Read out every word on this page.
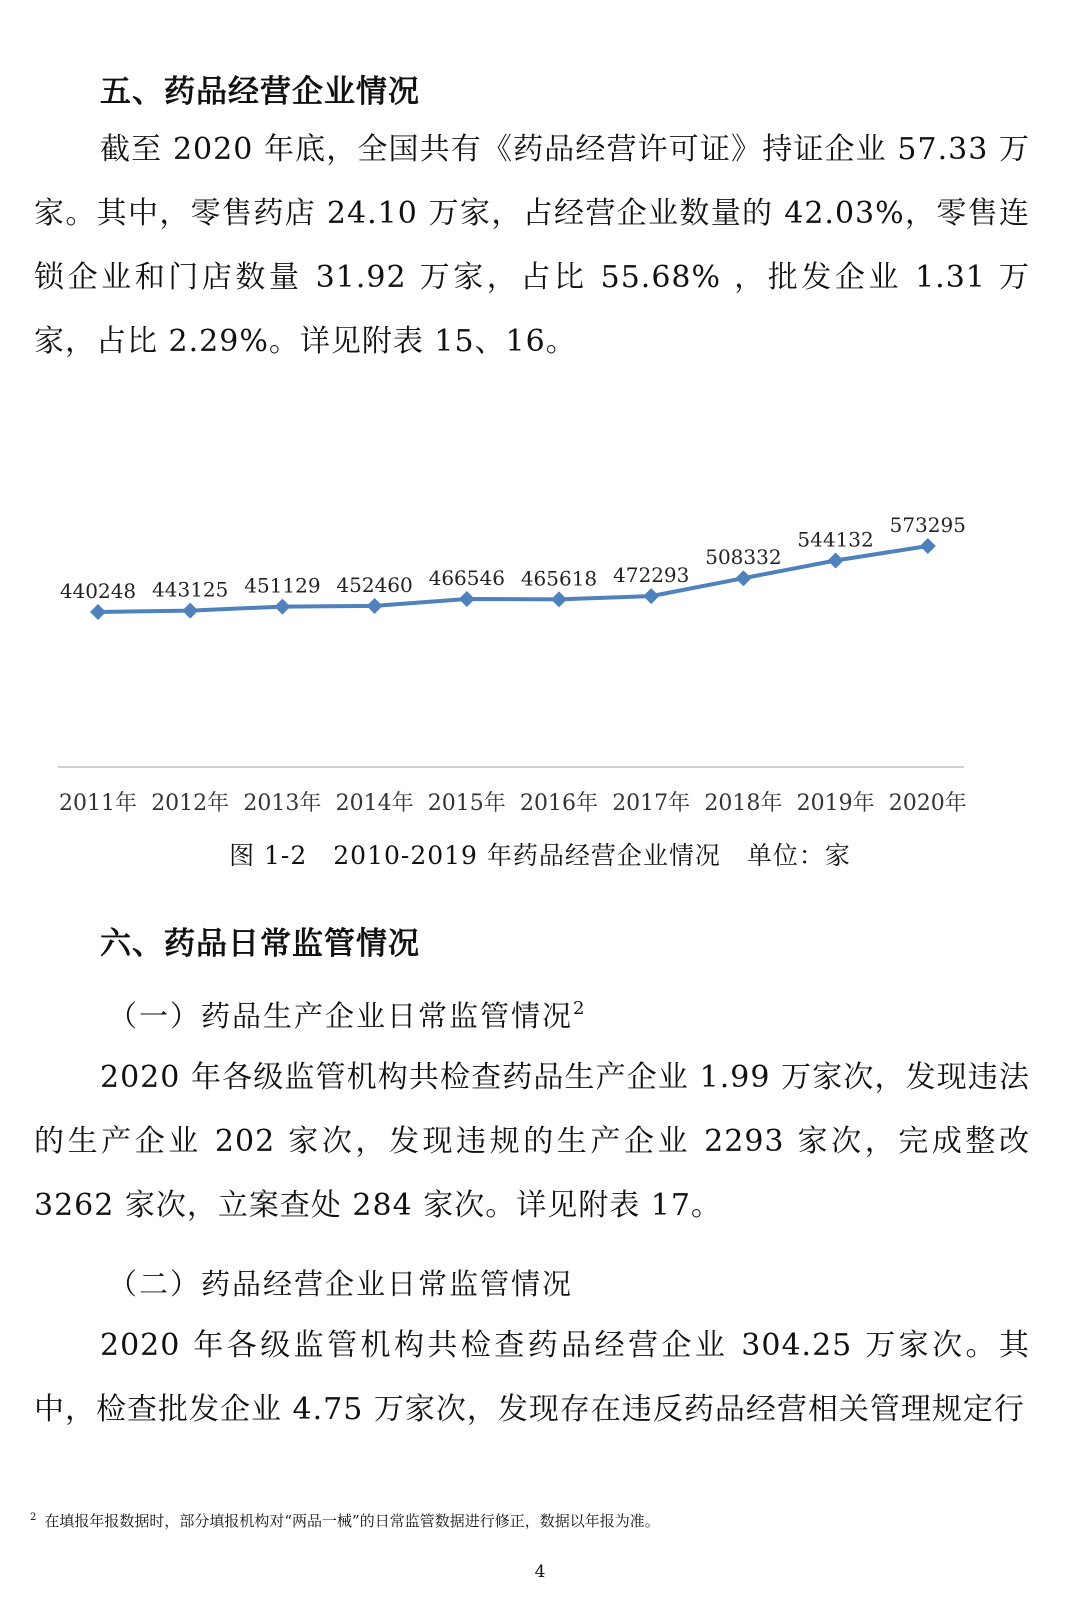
五、药品经营企业情况
截至 2020 年底，全国共有《药品经营许可证》持证企业 57.33 万家。其中，零售药店 24.10 万家，占经营企业数量的 42.03%，零售连锁企业和门店数量 31.92 万家，占比 55.68% ，批发企业 1.31 万家，占比 2.29%。详见附表 15、16。
440248
2011年
443125
2012年
451129
2013年
452460
2014年
466546
2015年
465618
2016年
472293
2017年
508332
2018年
544132
2019年
573295
2020年
图 1-2　2010-2019 年药品经营企业情况　单位：家
六、药品日常监管情况
（一）药品生产企业日常监管情况$^2$
2020 年各级监管机构共检查药品生产企业 1.99 万家次，发现违法的生产企业 202 家次，发现违规的生产企业 2293 家次，完成整改 3262 家次，立案查处 284 家次。详见附表 17。
（二）药品经营企业日常监管情况
2020 年各级监管机构共检查药品经营企业 304.25 万家次。其中，检查批发企业 4.75 万家次，发现存在违反药品经营相关管理规定行
$^2$ 在填报年报数据时，部分填报机构对“两品一械”的日常监管数据进行修正，数据以年报为准。
4
